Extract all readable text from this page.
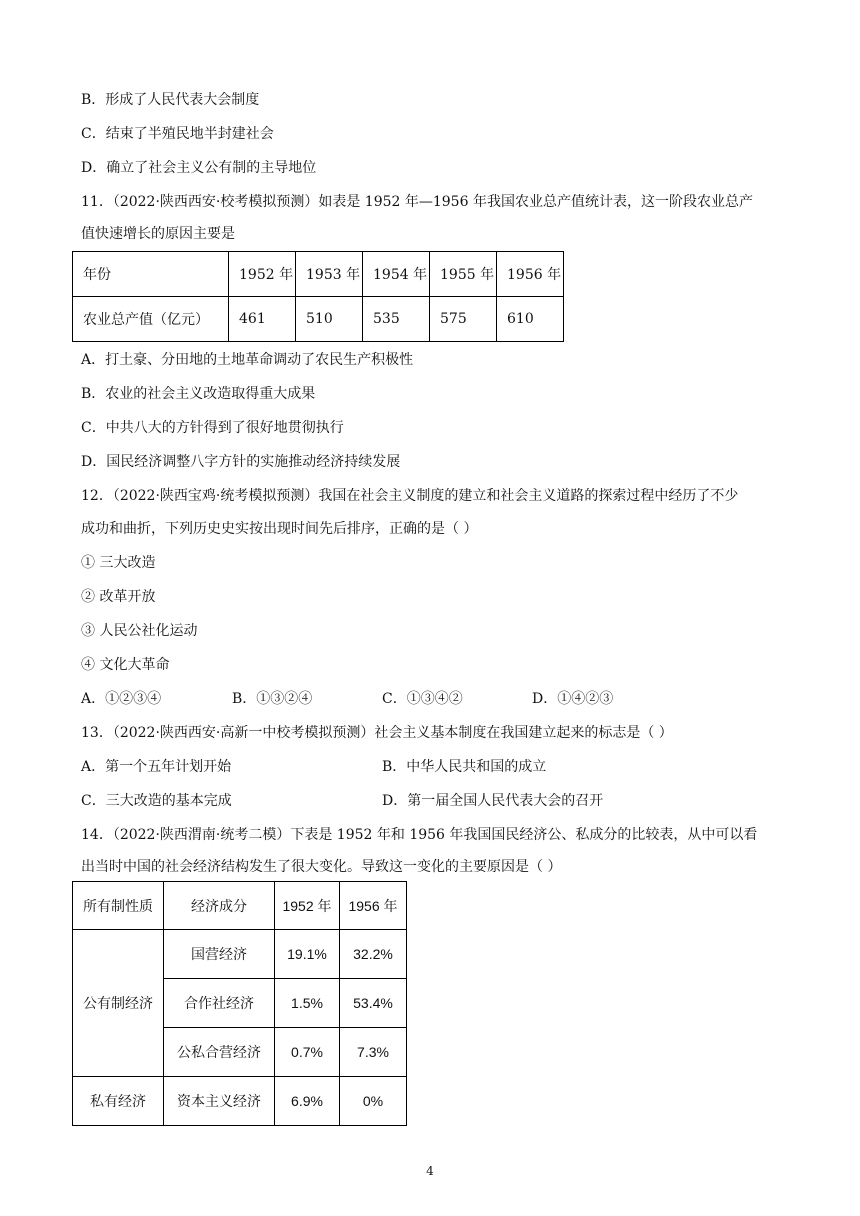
B．形成了人民代表大会制度
C．结束了半殖民地半封建社会
D．确立了社会主义公有制的主导地位
11．（2022·陕西西安·校考模拟预测）如表是 1952 年—1956 年我国农业总产值统计表，这一阶段农业总产
值快速增长的原因主要是
年份	1952 年	1953 年	1954 年	1955 年	1956 年
农业总产值（亿元）	461	510	535	575	610
A．打土豪、分田地的土地革命调动了农民生产积极性
B．农业的社会主义改造取得重大成果
C．中共八大的方针得到了很好地贯彻执行
D．国民经济调整八字方针的实施推动经济持续发展
12．（2022·陕西宝鸡·统考模拟预测）我国在社会主义制度的建立和社会主义道路的探索过程中经历了不少
成功和曲折，下列历史史实按出现时间先后排序，正确的是（ ）
① 三大改造
② 改革开放
③ 人民公社化运动
④ 文化大革命
A．①②③④	B．①③②④	C．①③④②	D．①④②③
13．（2022·陕西西安·高新一中校考模拟预测）社会主义基本制度在我国建立起来的标志是（ ）
A．第一个五年计划开始	B．中华人民共和国的成立
C．三大改造的基本完成	D．第一届全国人民代表大会的召开
14．（2022·陕西渭南·统考二模）下表是 1952 年和 1956 年我国国民经济公、私成分的比较表，从中可以看
出当时中国的社会经济结构发生了很大变化。导致这一变化的主要原因是（ ）
所有制性质	经济成分	1952 年	1956 年
公有制经济	国营经济	19.1%	32.2%
	合作社经济	1.5%	53.4%
	公私合营经济	0.7%	7.3%
私有经济	资本主义经济	6.9%	0%
4
